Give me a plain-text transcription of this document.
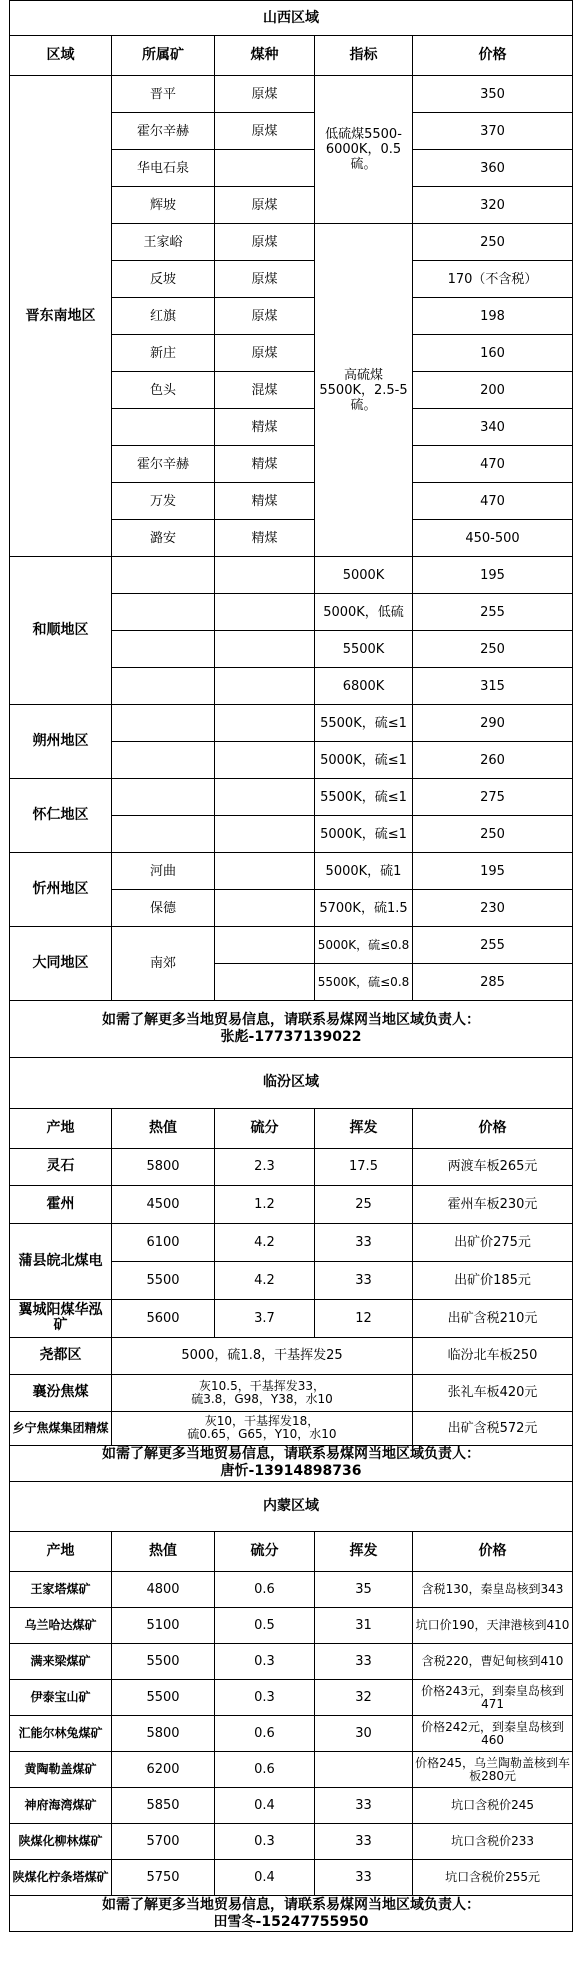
山西区域				
区域	所属矿	煤种	指标	价格
晋东南地区	晋平	原煤	低硫煤5500-6000K，0.5硫。	350
	霍尔辛赫	原煤		370
	华电石泉			360
	辉坡	原煤		320
	王家峪	原煤	高硫煤5500K，2.5-5硫。	250
	反坡	原煤		170（不含税）
	红旗	原煤		198
	新庄	原煤		160
	色头	混煤		200
		精煤		340
	霍尔辛赫	精煤		470
	万发	精煤		470
	潞安	精煤		450-500
和顺地区			5000K	195
			5000K，低硫	255
			5500K	250
			6800K	315
朔州地区			5500K，硫≤1	290
			5000K，硫≤1	260
怀仁地区			5500K，硫≤1	275
			5000K，硫≤1	250
忻州地区	河曲		5000K，硫1	195
	保德		5700K，硫1.5	230
大同地区	南郊		5000K，硫≤0.8	255
			5500K，硫≤0.8	285

如需了解更多当地贸易信息，请联系易煤网当地区域负责人：
张彪-17737139022				
临汾区域				
产地	热值	硫分	挥发	价格
灵石	5800	2.3	17.5	两渡车板265元
霍州	4500	1.2	25	霍州车板230元
蒲县皖北煤电	6100	4.2	33	出矿价275元
	5500	4.2	33	出矿价185元
翼城阳煤华泓矿	5600	3.7	12	出矿含税210元
尧都区	5000，硫1.8，干基挥发25			临汾北车板250
襄汾焦煤	灰10.5，干基挥发33，
硫3.8，G98，Y38，水10			张礼车板420元
乡宁焦煤集团精煤	灰10，干基挥发18，
硫0.65，G65，Y10，水10			出矿含税572元

如需了解更多当地贸易信息，请联系易煤网当地区域负责人：
唐忻-13914898736				
内蒙区域				
产地	热值	硫分	挥发	价格
王家塔煤矿	4800	0.6	35	含税130，秦皇岛核到343
乌兰哈达煤矿	5100	0.5	31	坑口价190，天津港核到410
满来梁煤矿	5500	0.3	33	含税220，曹妃甸核到410
伊泰宝山矿	5500	0.3	32	价格243元，到秦皇岛核到471
汇能尔林兔煤矿	5800	0.6	30	价格242元，到秦皇岛核到460
黄陶勒盖煤矿	6200	0.6		价格245，乌兰陶勒盖核到车板280元
神府海湾煤矿	5850	0.4	33	坑口含税价245
陕煤化柳林煤矿	5700	0.3	33	坑口含税价233
陕煤化柠条塔煤矿	5750	0.4	33	坑口含税价255元

如需了解更多当地贸易信息，请联系易煤网当地区域负责人：
田雪冬-15247755950				
